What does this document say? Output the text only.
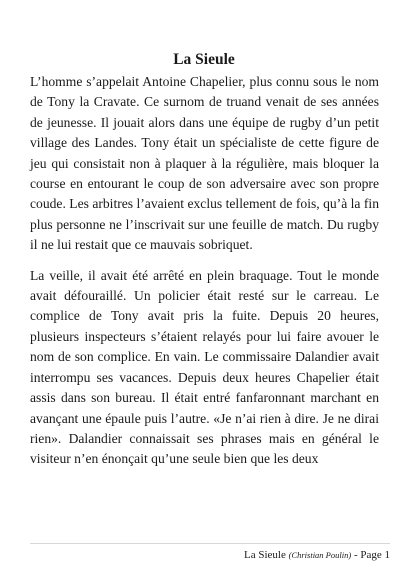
La Sieule

L’homme s’appelait Antoine Chapelier, plus connu sous le nom de Tony la Cravate. Ce surnom de truand venait de ses années de jeunesse. Il jouait alors dans une équipe de rugby d’un petit village des Landes. Tony était un spécialiste de cette figure de jeu qui consistait non à plaquer à la régulière, mais bloquer la course en entourant le coup de son adversaire avec son propre coude. Les arbitres l’avaient exclus tellement de fois, qu’à la fin plus personne ne l’inscrivait sur une feuille de match. Du rugby il ne lui restait que ce mauvais sobriquet.

La veille, il avait été arrêté en plein braquage. Tout le monde avait défouraillé. Un policier était resté sur le carreau. Le complice de Tony avait pris la fuite. Depuis 20 heures, plusieurs inspecteurs s’étaient relayés pour lui faire avouer le nom de son complice. En vain. Le commissaire Dalandier avait interrompu ses vacances. Depuis deux heures Chapelier était assis dans son bureau. Il était entré fanfaronnant marchant en avançant une épaule puis l’autre. «Je n’ai rien à dire. Je ne dirai rien». Dalandier connaissait ses phrases mais en général le visiteur n’en énonçait qu’une seule bien que les deux

La Sieule (Christian Poulin) - Page 1
